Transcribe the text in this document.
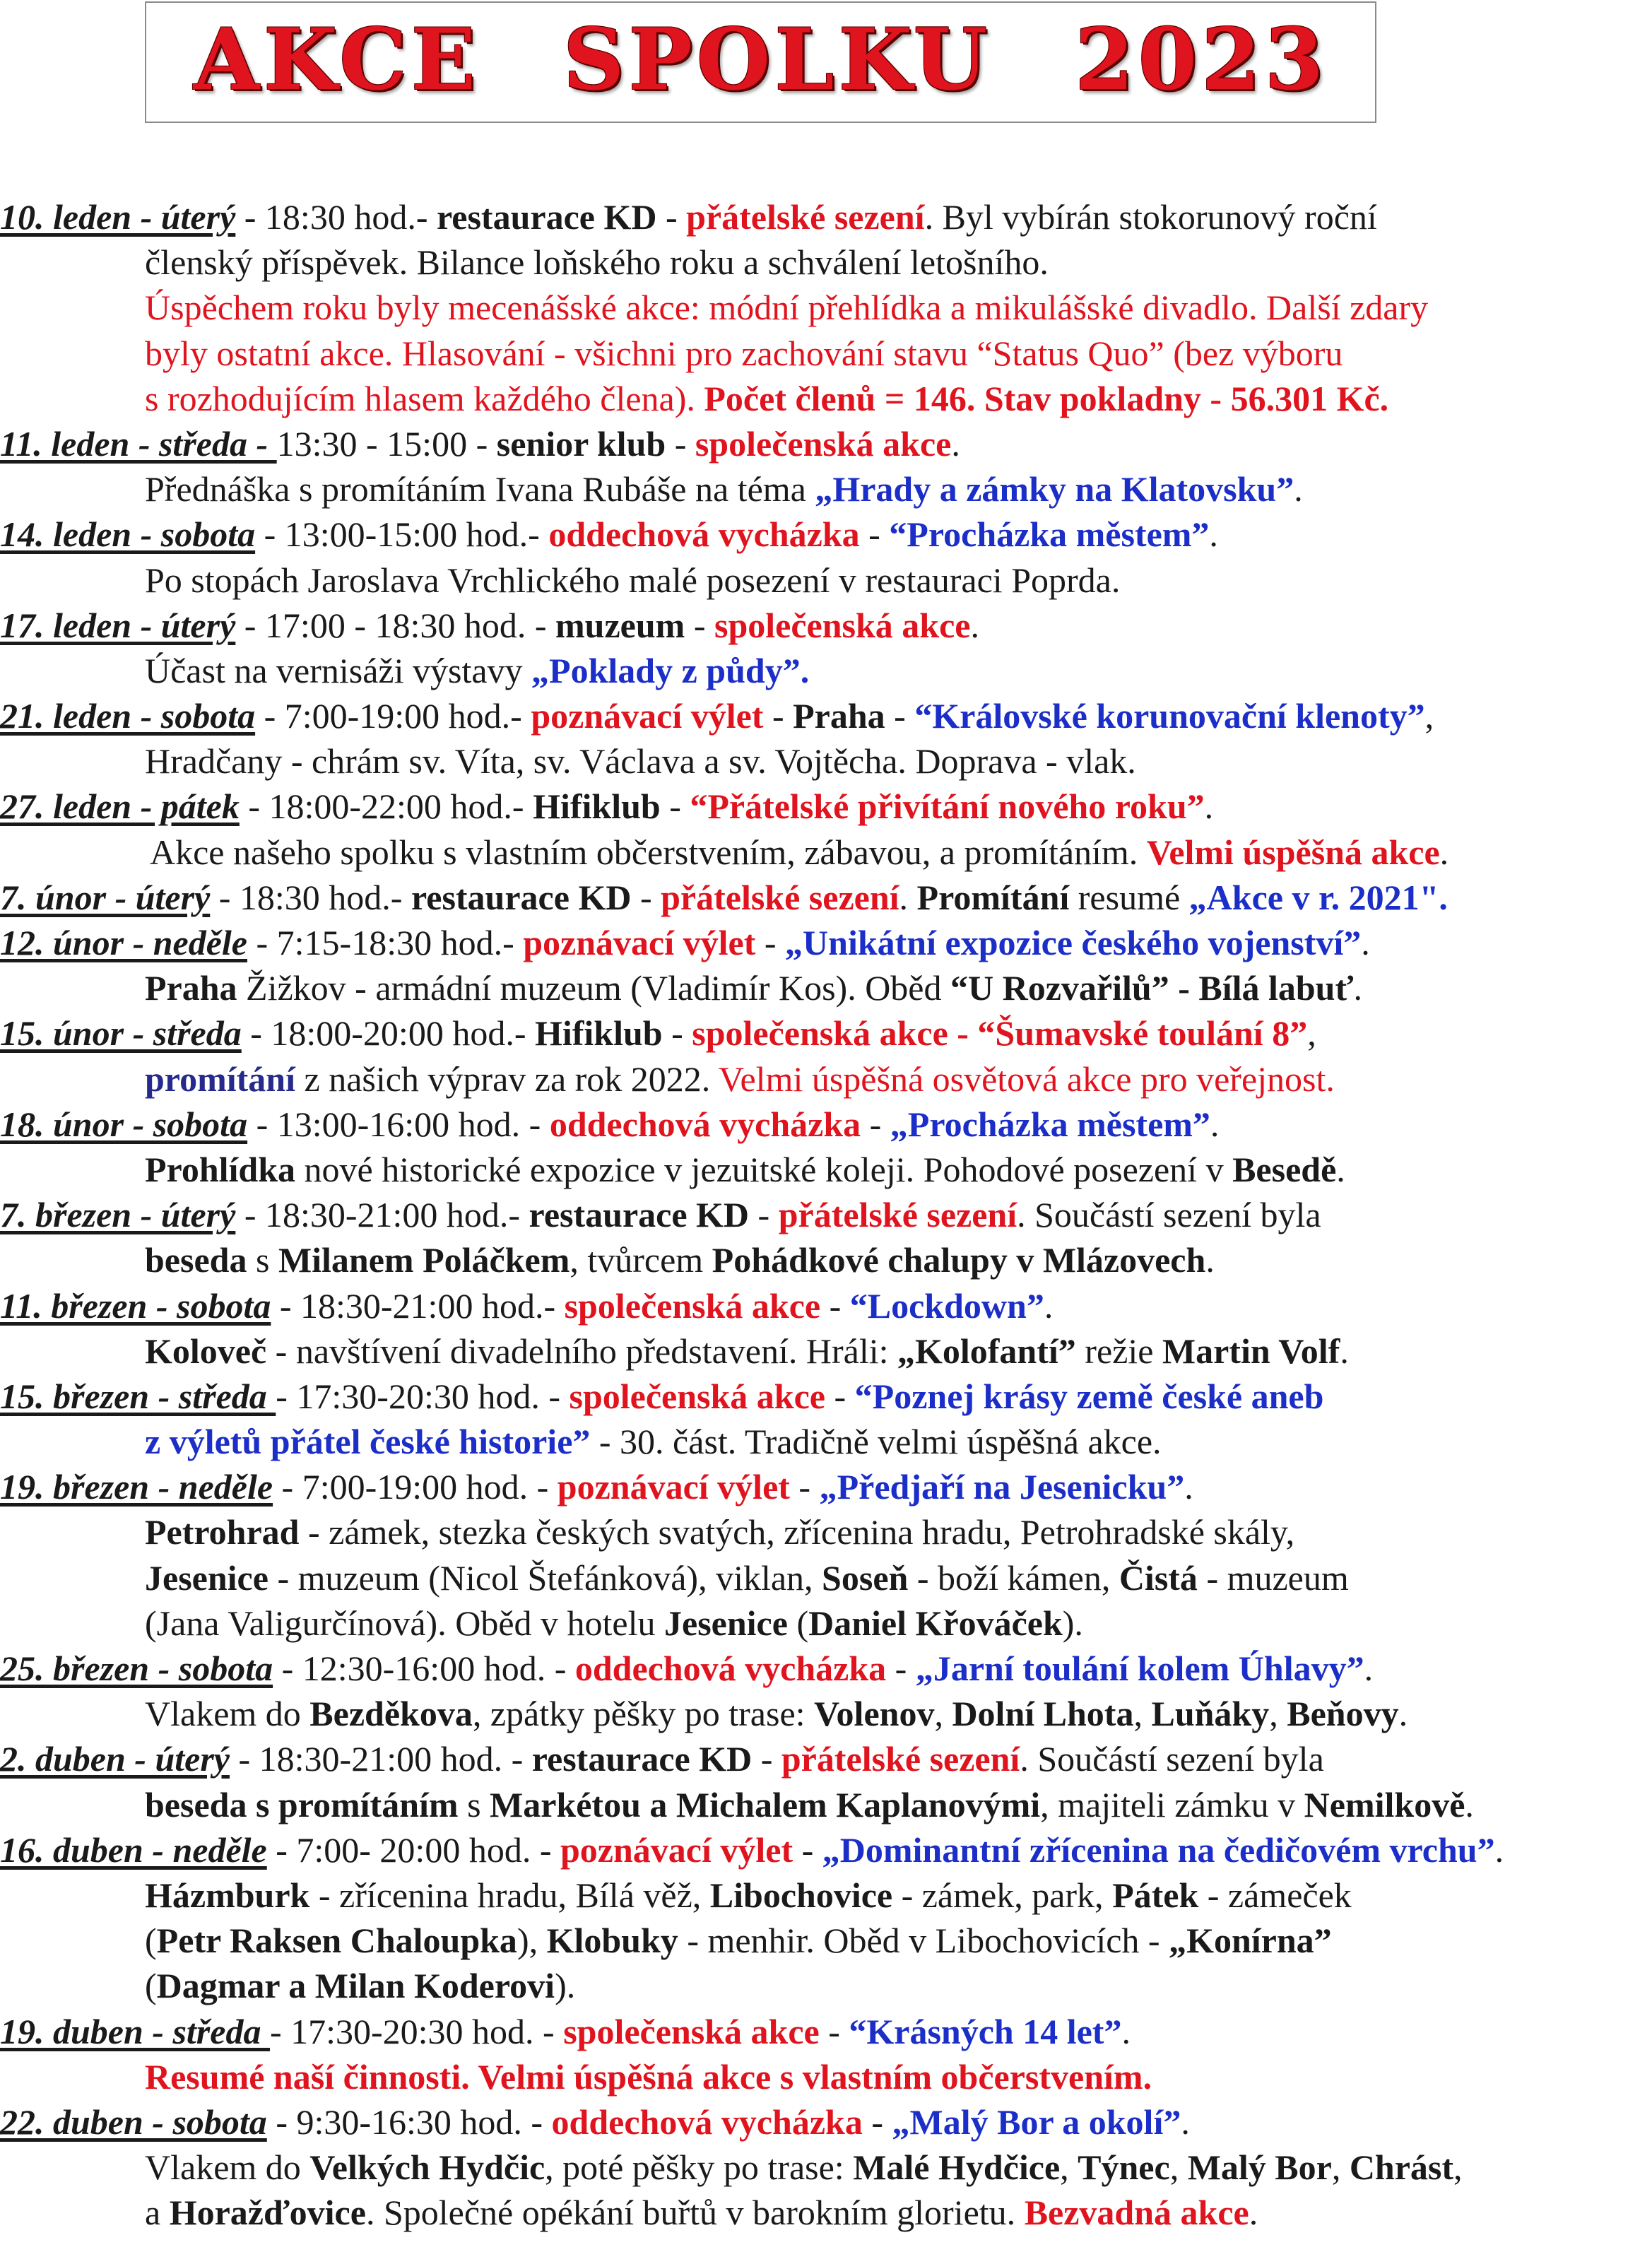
AKCE SPOLKU 2023
10. leden - úterý - 18:30 hod.- restaurace KD - přátelské sezení. Byl vybírán stokorunový roční
členský příspěvek. Bilance loňského roku a schválení letošního.
Úspěchem roku byly mecenášské akce: módní přehlídka a mikulášské divadlo. Další zdary
byly ostatní akce. Hlasování - všichni pro zachování stavu “Status Quo” (bez výboru
s rozhodujícím hlasem každého člena). Počet členů = 146. Stav pokladny - 56.301 Kč.
11. leden - středa - 13:30 - 15:00 - senior klub - společenská akce.
Přednáška s promítáním Ivana Rubáše na téma „Hrady a zámky na Klatovsku”.
14. leden - sobota - 13:00-15:00 hod.- oddechová vycházka - “Procházka městem”.
Po stopách Jaroslava Vrchlického malé posezení v restauraci Poprda.
17. leden - úterý - 17:00 - 18:30 hod. - muzeum - společenská akce.
Účast na vernisáži výstavy „Poklady z půdy”.
21. leden - sobota - 7:00-19:00 hod.- poznávací výlet - Praha - “Královské korunovační klenoty”,
Hradčany - chrám sv. Víta, sv. Václava a sv. Vojtěcha. Doprava - vlak.
27. leden - pátek - 18:00-22:00 hod.- Hifiklub - “Přátelské přivítání nového roku”.
Akce našeho spolku s vlastním občerstvením, zábavou, a promítáním. Velmi úspěšná akce.
7. únor - úterý - 18:30 hod.- restaurace KD - přátelské sezení. Promítání resumé „Akce v r. 2021".
12. únor - neděle - 7:15-18:30 hod.- poznávací výlet - „Unikátní expozice českého vojenství”.
Praha Žižkov - armádní muzeum (Vladimír Kos). Oběd “U Rozvařilů” - Bílá labuť.
15. únor - středa - 18:00-20:00 hod.- Hifiklub - společenská akce - “Šumavské toulání 8”,
promítání z našich výprav za rok 2022. Velmi úspěšná osvětová akce pro veřejnost.
18. únor - sobota - 13:00-16:00 hod. - oddechová vycházka - „Procházka městem”.
Prohlídka nové historické expozice v jezuitské koleji. Pohodové posezení v Besedě.
7. březen - úterý - 18:30-21:00 hod.- restaurace KD - přátelské sezení. Součástí sezení byla
beseda s Milanem Poláčkem, tvůrcem Pohádkové chalupy v Mlázovech.
11. březen - sobota - 18:30-21:00 hod.- společenská akce - “Lockdown”.
Koloveč - navštívení divadelního představení. Hráli: „Kolofantí” režie Martin Volf.
15. březen - středa - 17:30-20:30 hod. - společenská akce - “Poznej krásy země české aneb
z výletů přátel české historie” - 30. část. Tradičně velmi úspěšná akce.
19. březen - neděle - 7:00-19:00 hod. - poznávací výlet - „Předjaří na Jesenicku”.
Petrohrad - zámek, stezka českých svatých, zřícenina hradu, Petrohradské skály,
Jesenice - muzeum (Nicol Štefánková), viklan, Soseň - boží kámen, Čistá - muzeum
(Jana Valigurčínová). Oběd v hotelu Jesenice (Daniel Křováček).
25. březen - sobota - 12:30-16:00 hod. - oddechová vycházka - „Jarní toulání kolem Úhlavy”.
Vlakem do Bezděkova, zpátky pěšky po trase: Volenov, Dolní Lhota, Luňáky, Beňovy.
2. duben - úterý - 18:30-21:00 hod. - restaurace KD - přátelské sezení. Součástí sezení byla
beseda s promítáním s Markétou a Michalem Kaplanovými, majiteli zámku v Nemilkově.
16. duben - neděle - 7:00- 20:00 hod. - poznávací výlet - „Dominantní zřícenina na čedičovém vrchu”.
Házmburk - zřícenina hradu, Bílá věž, Libochovice - zámek, park, Pátek - zámeček
(Petr Raksen Chaloupka), Klobuky - menhir. Oběd v Libochovicích - „Konírna”
(Dagmar a Milan Koderovi).
19. duben - středa - 17:30-20:30 hod. - společenská akce - “Krásných 14 let”.
Resumé naší činnosti. Velmi úspěšná akce s vlastním občerstvením.
22. duben - sobota - 9:30-16:30 hod. - oddechová vycházka - „Malý Bor a okolí”.
Vlakem do Velkých Hydčic, poté pěšky po trase: Malé Hydčice, Týnec, Malý Bor, Chrást,
a Horažďovice. Společné opékání buřtů v barokním glorietu. Bezvadná akce.
